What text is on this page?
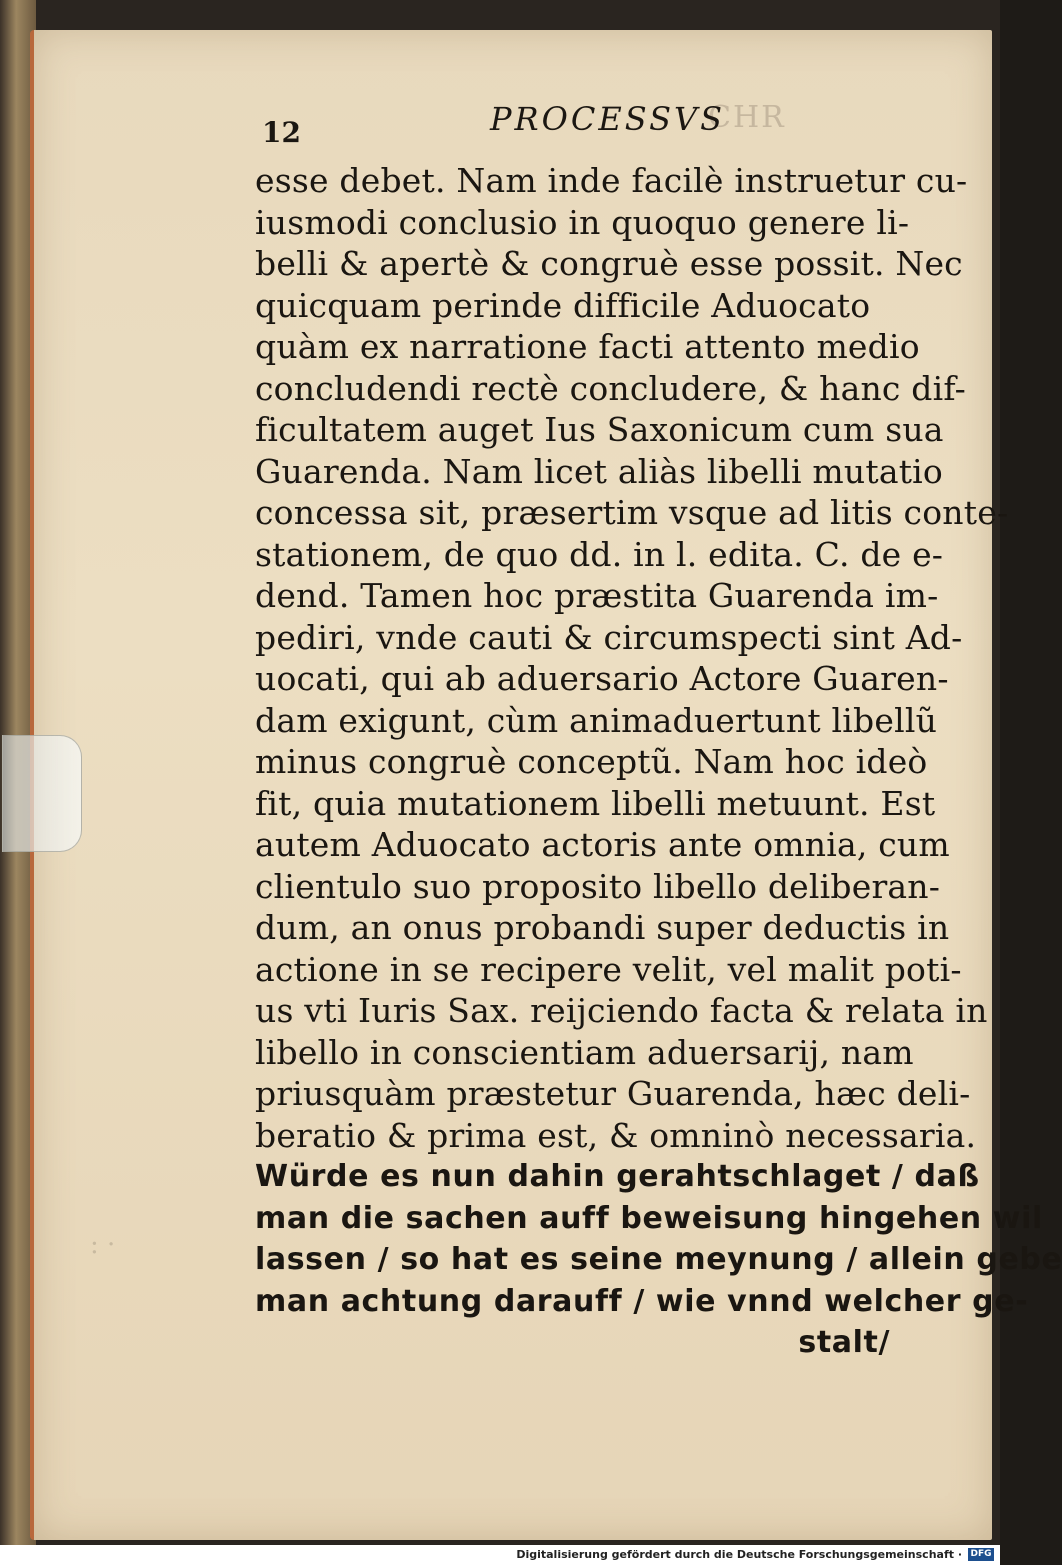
12	PROCESSVS
CHR
esse debet. Nam inde facilè instruetur cu-
iusmodi conclusio in quoquo genere li-
belli & apertè & congruè esse possit. Nec
quicquam perinde difficile Aduocato
quàm ex narratione facti attento medio
concludendi rectè concludere, & hanc dif-
ficultatem auget Ius Saxonicum cum sua
Guarenda. Nam licet aliàs libelli mutatio
concessa sit, præsertim vsque ad litis conte-
stationem, de quo dd. in l. edita. C. de e-
dend. Tamen hoc præstita Guarenda im-
pediri, vnde cauti & circumspecti sint Ad-
uocati, qui ab aduersario Actore Guaren-
dam exigunt, cùm animaduertunt libellũ
minus congruè conceptũ. Nam hoc ideò
fit, quia mutationem libelli metuunt. Est
autem Aduocato actoris ante omnia, cum
clientulo suo proposito libello deliberan-
dum, an onus probandi super deductis in
actione in se recipere velit, vel malit poti-
us vti Iuris Sax. reijciendo facta & relata in
libello in conscientiam aduersarij, nam
priusquàm præstetur Guarenda, hæc deli-
beratio & prima est, & omninò necessaria.
Würde es nun dahin gerahtschlaget / daß
man die sachen auff beweisung hingehen wil
lassen / so hat es seine meynung / allein gebe
man achtung darauff / wie vnnd welcher ge-
stalt/
: ·
Digitalisierung gefördert durch die Deutsche Forschungsgemeinschaft · DFG
